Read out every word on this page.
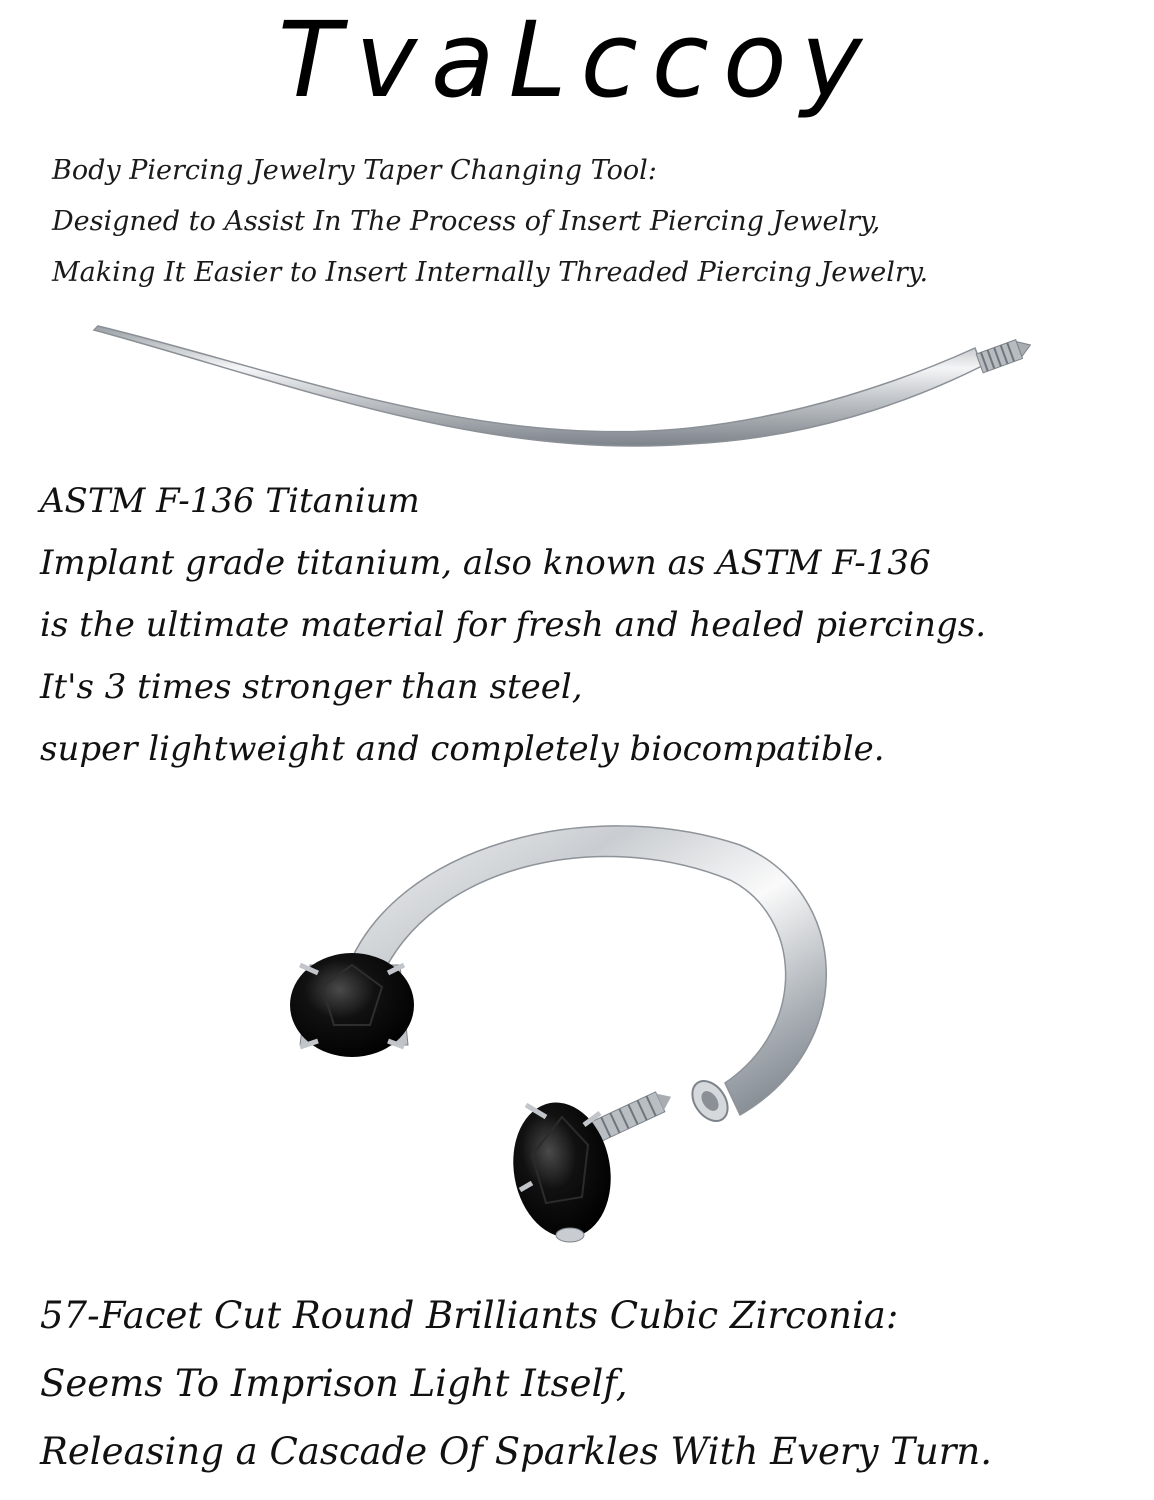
TvaLccoy
Body Piercing Jewelry Taper Changing Tool:
Designed to Assist In The Process of Insert Piercing Jewelry,
Making It Easier to Insert Internally Threaded Piercing Jewelry.
ASTM F-136 Titanium
Implant grade titanium, also known as ASTM F-136
is the ultimate material for fresh and healed piercings.
It's 3 times stronger than steel,
super lightweight and completely biocompatible.
57-Facet Cut Round Brilliants Cubic Zirconia:
Seems To Imprison Light Itself,
Releasing a Cascade Of Sparkles With Every Turn.
